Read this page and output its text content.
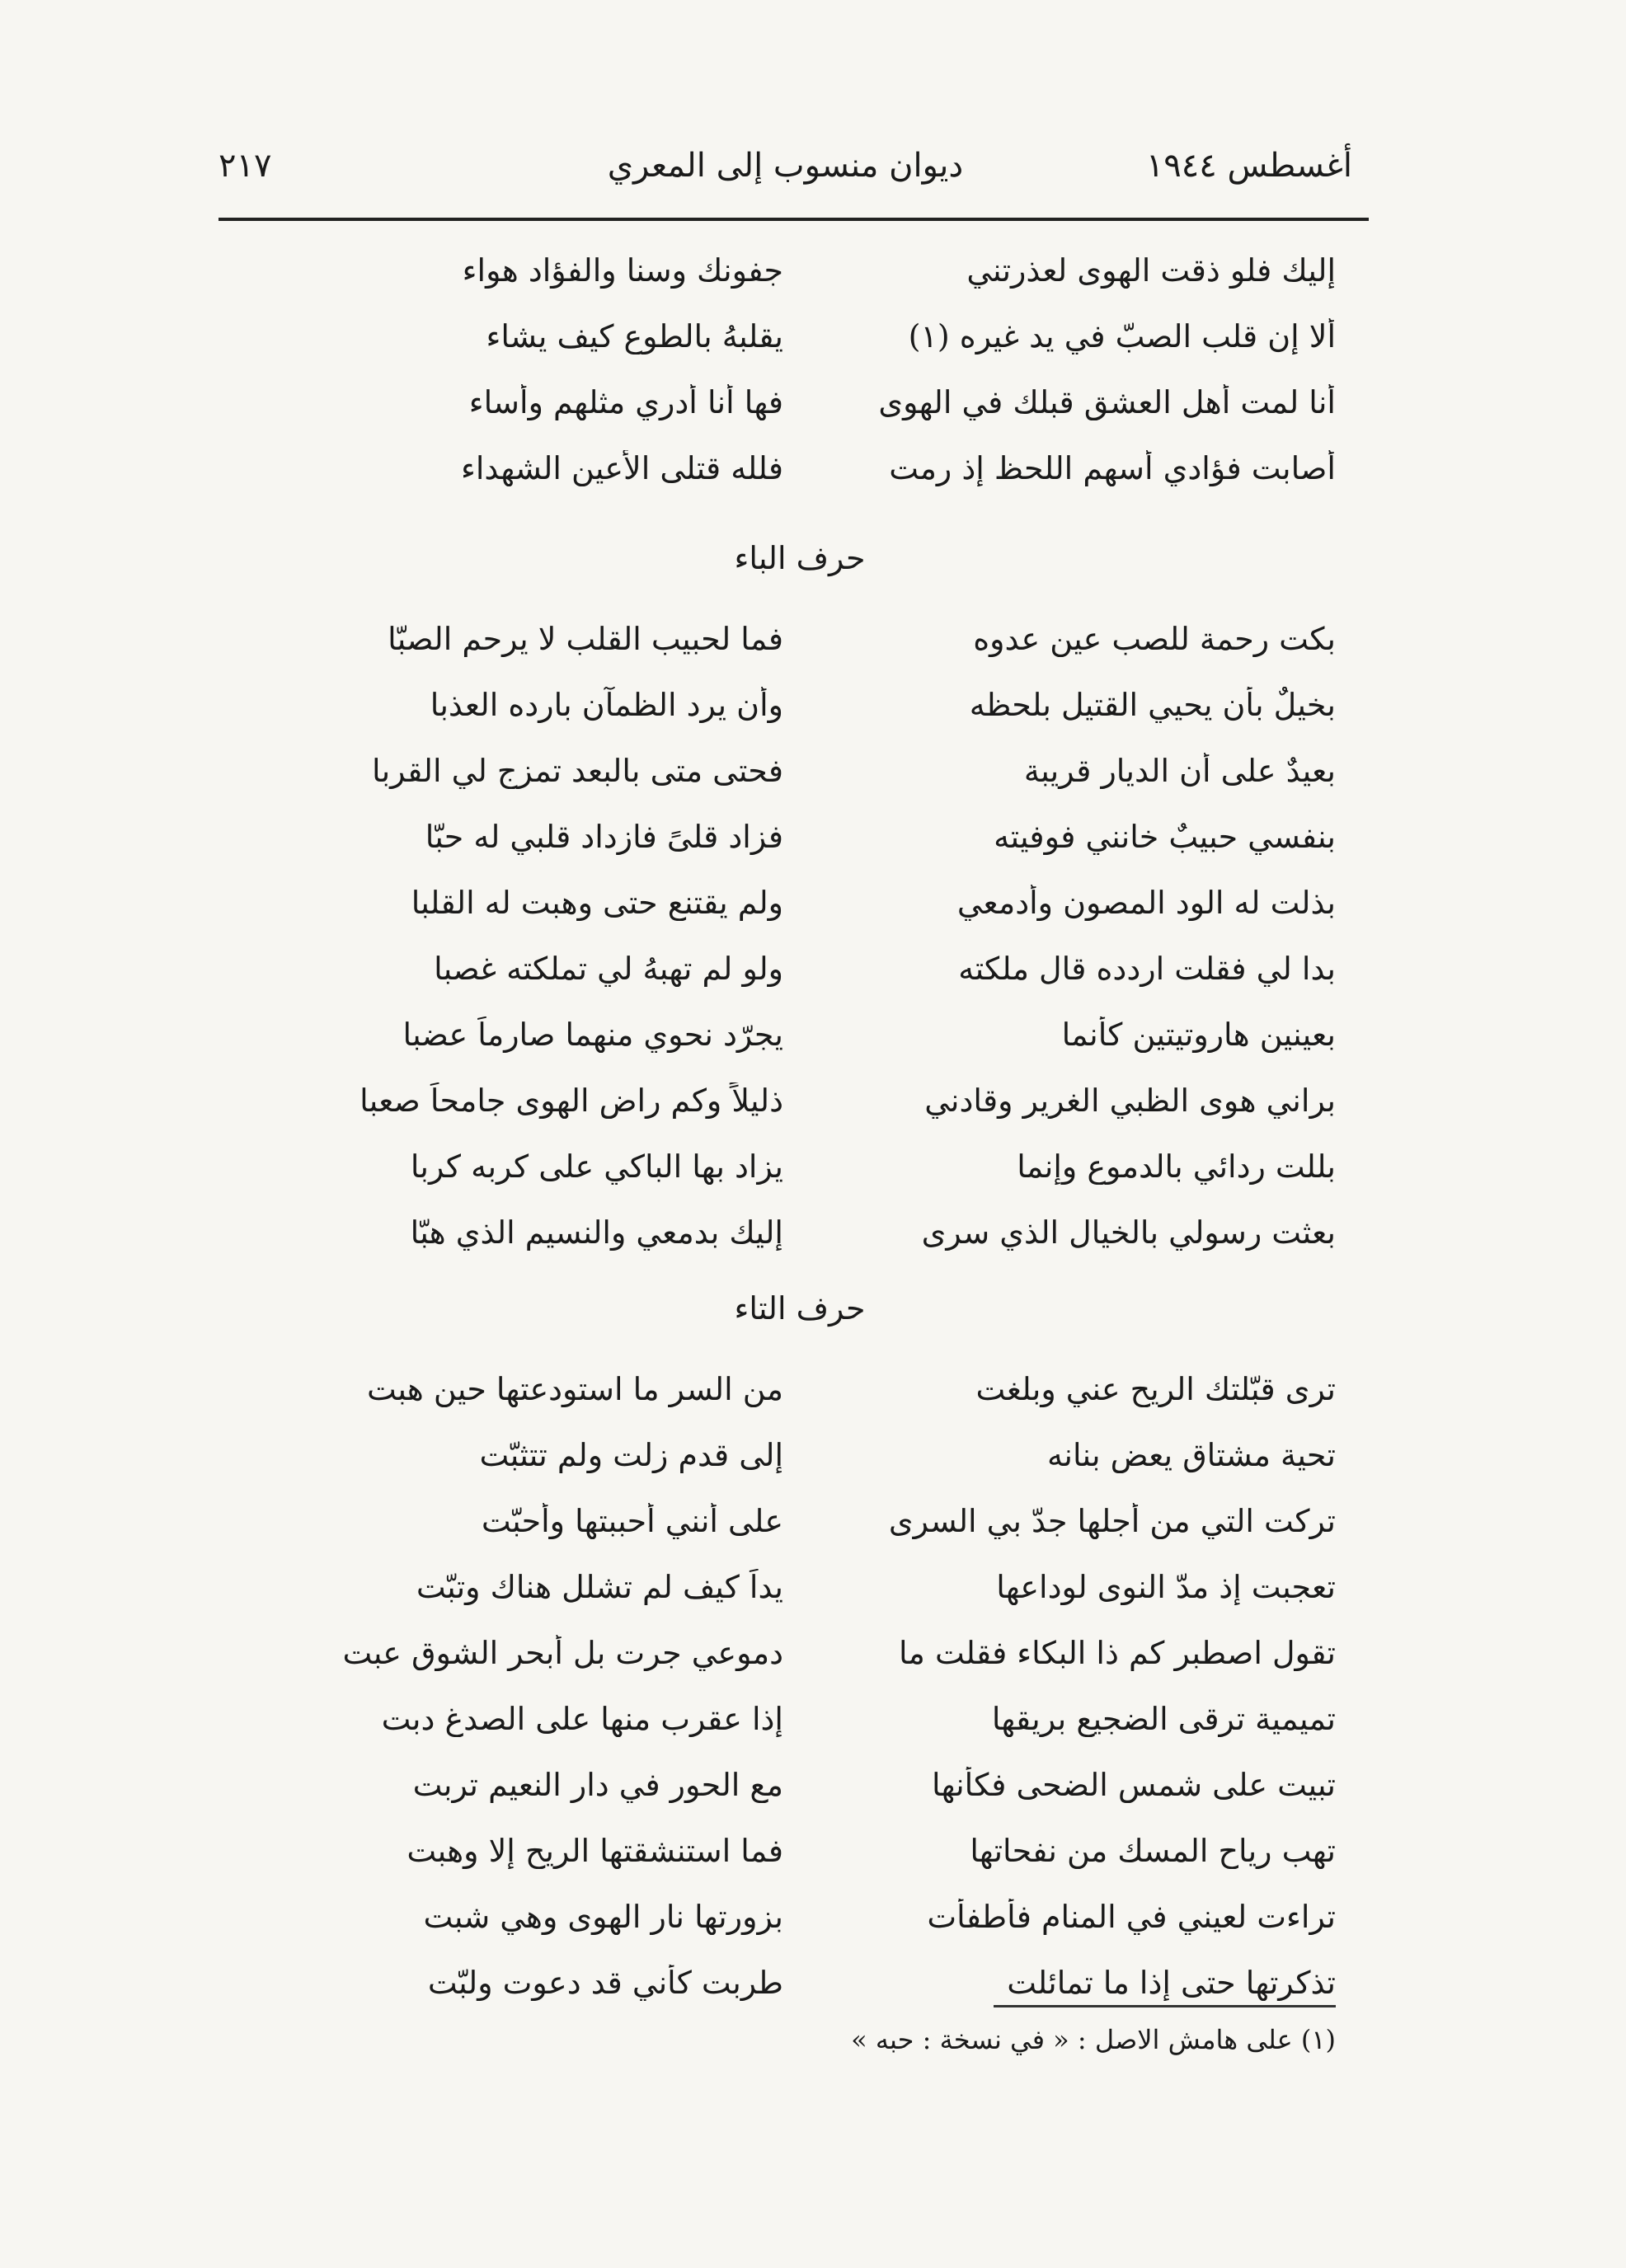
أغسطس ١٩٤٤
ديوان منسوب إلى المعري
٢١٧
إليك فلو ذقت الهوى لعذرتني
جفونك وسنا والفؤاد هواء
ألا إن قلب الصبّ في يد غيره (١)
يقلبهُ بالطوع كيف يشاء
أنا لمت أهل العشق قبلك في الهوى
فها أنا أدري مثلهم وأساء
أصابت فؤادي أسهم اللحظ إذ رمت
فلله قتلى الأعين الشهداء
حرف الباء
بكت رحمة للصب عين عدوه
فما لحبيب القلب لا يرحم الصبّا
بخيلٌ بأن يحيي القتيل بلحظه
وأن يرد الظمآن بارده العذبا
بعيدٌ على أن الديار قريبة
فحتى متى بالبعد تمزج لي القربا
بنفسي حبيبٌ خانني فوفيته
فزاد قلىً فازداد قلبي له حبّا
بذلت له الود المصون وأدمعي
ولم يقتنع حتى وهبت له القلبا
بدا لي فقلت اردده قال ملكته
ولو لم تهبهُ لي تملكته غصبا
بعينين هاروتيتين كأنما
يجرّد نحوي منهما صارماً عضبا
براني هوى الظبي الغرير وقادني
ذليلاً وكم راض الهوى جامحاً صعبا
بللت ردائي بالدموع وإنما
يزاد بها الباكي على كربه كربا
بعثت رسولي بالخيال الذي سرى
إليك بدمعي والنسيم الذي هبّا
حرف التاء
ترى قبّلتك الريح عني وبلغت
من السر ما استودعتها حين هبت
تحية مشتاق يعض بنانه
إلى قدم زلت ولم تتثبّت
تركت التي من أجلها جدّ بي السرى
على أنني أحببتها وأحبّت
تعجبت إذ مدّ النوى لوداعها
يداً كيف لم تشلل هناك وتبّت
تقول اصطبر كم ذا البكاء فقلت ما
دموعي جرت بل أبحر الشوق عبت
تميمية ترقى الضجيع بريقها
إذا عقرب منها على الصدغ دبت
تبيت على شمس الضحى فكأنها
مع الحور في دار النعيم تربت
تهب رياح المسك من نفحاتها
فما استنشقتها الريح إلا وهبت
تراءت لعيني في المنام فأطفأت
بزورتها نار الهوى وهي شبت
تذكرتها حتى إذا ما تمائلت
طربت كأني قد دعوت ولبّت
(١) على هامش الاصل : « في نسخة : حبه »
